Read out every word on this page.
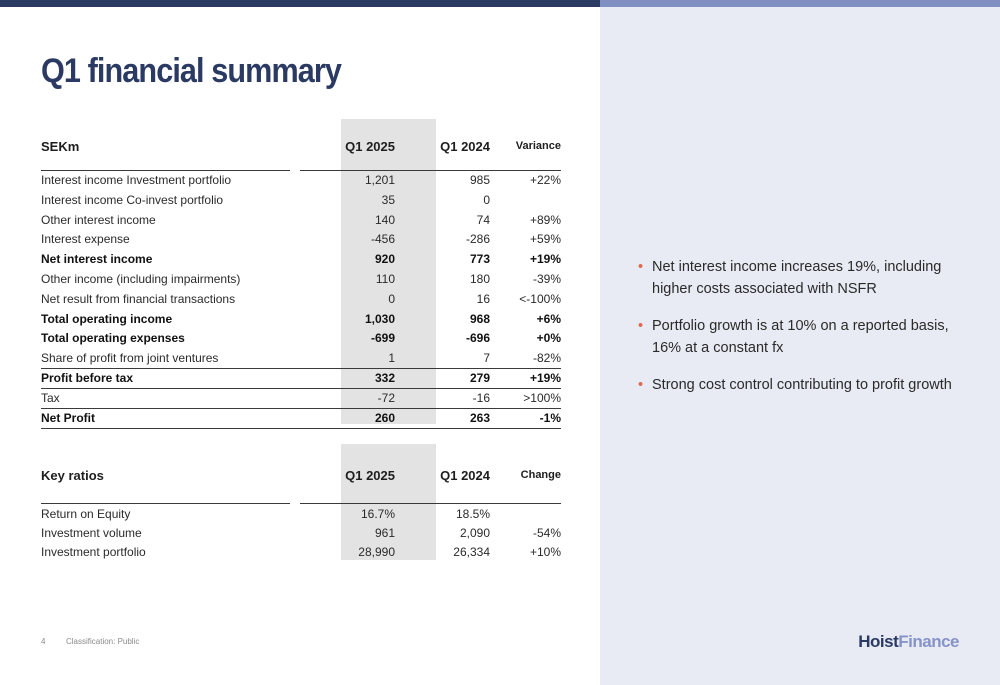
Q1 financial summary
SEKm	Q1 2025	Q1 2024 Variance
Interest income Investment portfolio	1,201	985	+22%
Interest income Co-invest portfolio	35	0
Other interest income	140	74	+89%
Interest expense	-456	-286	+59%
Net interest income	920	773	+19%
Other income (including impairments)	110	180	-39%
Net result from financial transactions	0	16 <-100%
Total operating income	1,030	968	+6%
Total operating expenses	-699	-696	+0%
Share of profit from joint ventures	1	7	-82%
Profit before tax	332	279	+19%
Tax	-72	-16	>100%
Net Profit	260	263	-1%
Key ratios	Q1 2025	Q1 2024	Change
Return on Equity	16.7%	18.5%
Investment volume	961	2,090	-54%
Investment portfolio	28,990	26,334	+10%
• Net interest income increases 19%, including higher costs associated with NSFR
• Portfolio growth is at 10% on a reported basis, 16% at a constant fx
• Strong cost control contributing to profit growth
4	Classification: Public	HoistFinance
